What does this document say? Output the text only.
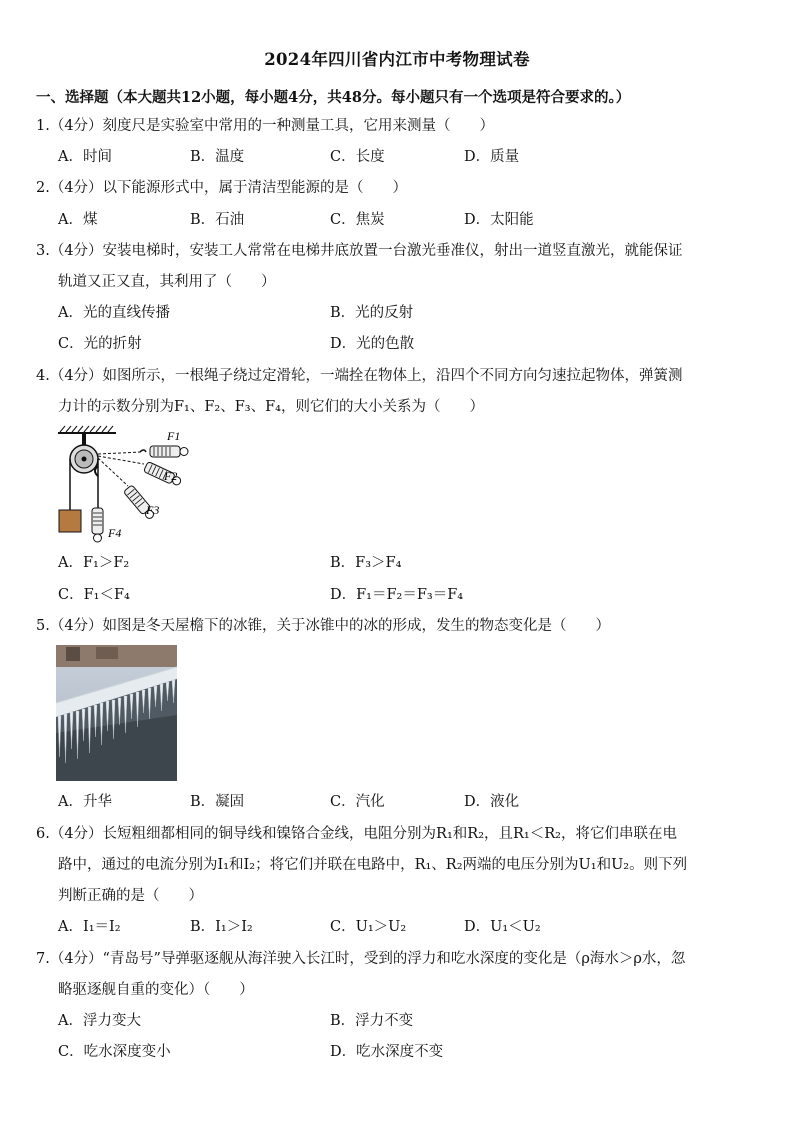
2024年四川省内江市中考物理试卷
一、选择题（本大题共12小题，每小题4分，共48分。每小题只有一个选项是符合要求的。）
1.（4分）刻度尺是实验室中常用的一种测量工具，它用来测量（　　）
A．时间	B．温度	C．长度	D．质量
2.（4分）以下能源形式中，属于清洁型能源的是（　　）
A．煤	B．石油	C．焦炭	D．太阳能
3.（4分）安装电梯时，安装工人常常在电梯井底放置一台激光垂准仪，射出一道竖直激光，就能保证
轨道又正又直，其利用了（　　）
A．光的直线传播	B．光的反射
C．光的折射	D．光的色散
4.（4分）如图所示，一根绳子绕过定滑轮，一端拴在物体上，沿四个不同方向匀速拉起物体，弹簧测
力计的示数分别为F₁、F₂、F₃、F₄，则它们的大小关系为（　　）
F1
F2
F3
F4
A．F₁＞F₂	B．F₃＞F₄
C．F₁＜F₄	D．F₁＝F₂＝F₃＝F₄
5.（4分）如图是冬天屋檐下的冰锥，关于冰锥中的冰的形成，发生的物态变化是（　　）
A．升华	B．凝固	C．汽化	D．液化
6.（4分）长短粗细都相同的铜导线和镍铬合金线，电阻分别为R₁和R₂，且R₁＜R₂，将它们串联在电
路中，通过的电流分别为I₁和I₂；将它们并联在电路中，R₁、R₂两端的电压分别为U₁和U₂。则下列
判断正确的是（　　）
A．I₁＝I₂	B．I₁＞I₂	C．U₁＞U₂	D．U₁＜U₂
7.（4分）“青岛号”导弹驱逐舰从海洋驶入长江时，受到的浮力和吃水深度的变化是（ρ海水＞ρ水，忽
略驱逐舰自重的变化）（　　）
A．浮力变大	B．浮力不变
C．吃水深度变小	D．吃水深度不变
